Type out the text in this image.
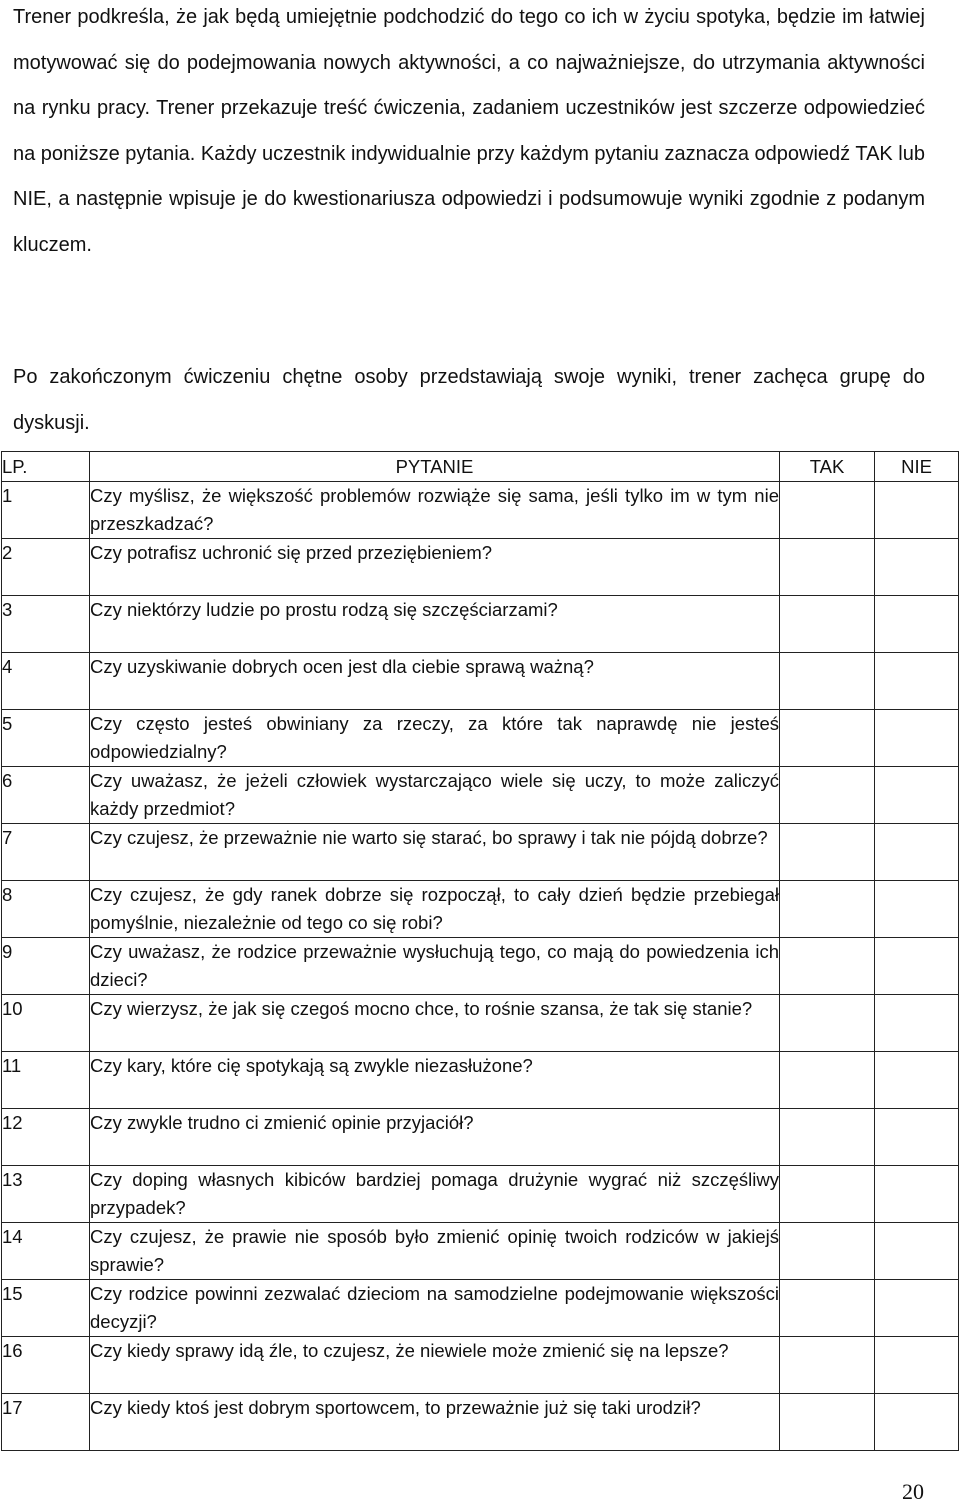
Trener podkreśla, że jak będą umiejętnie podchodzić do tego co ich w życiu spotyka, będzie im łatwiej motywować się do podejmowania nowych aktywności, a co najważniejsze, do utrzymania aktywności na rynku pracy. Trener przekazuje treść ćwiczenia, zadaniem uczestników jest szczerze odpowiedzieć na poniższe pytania. Każdy uczestnik indywidualnie przy każdym pytaniu zaznacza odpowiedź TAK lub NIE, a następnie wpisuje je do kwestionariusza odpowiedzi i podsumowuje wyniki zgodnie z podanym kluczem.

Po zakończonym ćwiczeniu chętne osoby przedstawiają swoje wyniki, trener zachęca grupę do dyskusji.

LP.	PYTANIE	TAK	NIE
1	Czy myślisz, że większość problemów rozwiąże się sama, jeśli tylko im w tym nie przeszkadzać?		
2	Czy potrafisz uchronić się przed przeziębieniem?		
3	Czy niektórzy ludzie po prostu rodzą się szczęściarzami?		
4	Czy uzyskiwanie dobrych ocen jest dla ciebie sprawą ważną?		
5	Czy często jesteś obwiniany za rzeczy, za które tak naprawdę nie jesteś odpowiedzialny?		
6	Czy uważasz, że jeżeli człowiek wystarczająco wiele się uczy, to może zaliczyć każdy przedmiot?		
7	Czy czujesz, że przeważnie nie warto się starać, bo sprawy i tak nie pójdą dobrze?		
8	Czy czujesz, że gdy ranek dobrze się rozpoczął, to cały dzień będzie przebiegał pomyślnie, niezależnie od tego co się robi?		
9	Czy uważasz, że rodzice przeważnie wysłuchują tego, co mają do powiedzenia ich dzieci?		
10	Czy wierzysz, że jak się czegoś mocno chce, to rośnie szansa, że tak się stanie?		
11	Czy kary, które cię spotykają są zwykle niezasłużone?		
12	Czy zwykle trudno ci zmienić opinie przyjaciół?		
13	Czy doping własnych kibiców bardziej pomaga drużynie wygrać niż szczęśliwy przypadek?		
14	Czy czujesz, że prawie nie sposób było zmienić opinię twoich rodziców w jakiejś sprawie?		
15	Czy rodzice powinni zezwalać dzieciom na samodzielne podejmowanie większości decyzji?		
16	Czy kiedy sprawy idą źle, to czujesz, że niewiele może zmienić się na lepsze?		
17	Czy kiedy ktoś jest dobrym sportowcem, to przeważnie już się taki urodził?		
20
